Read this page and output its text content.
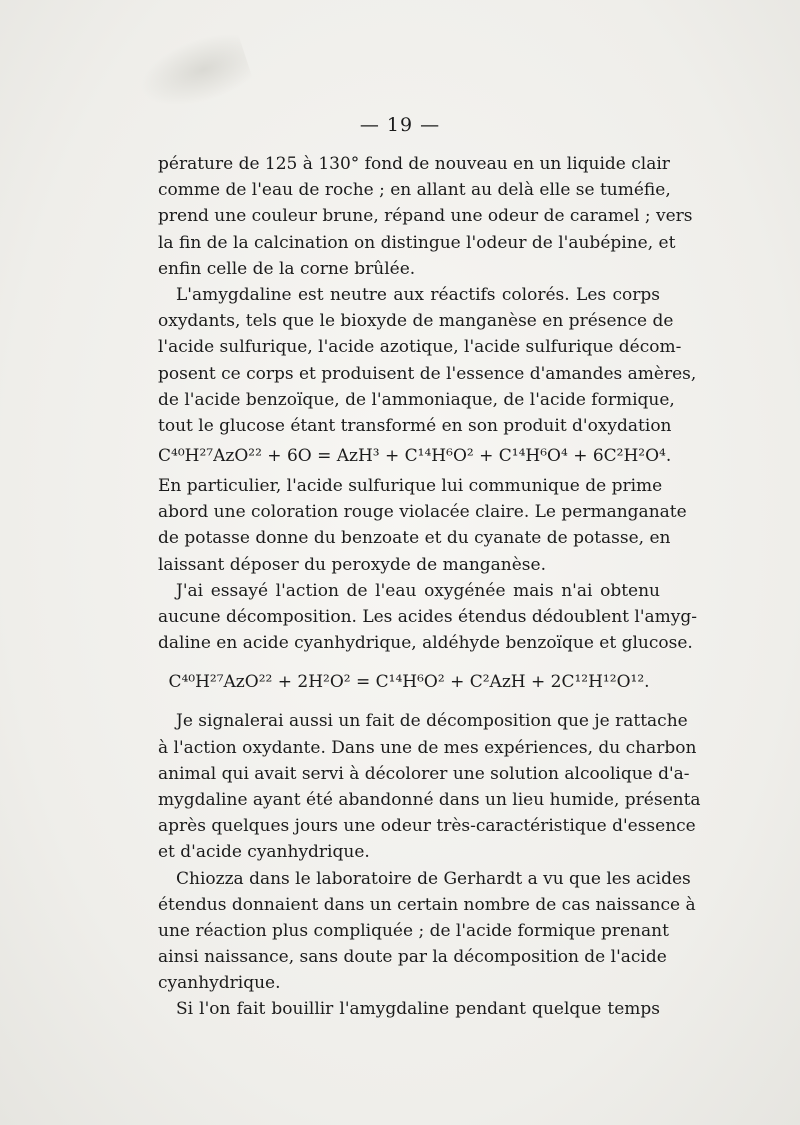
— 19 —
pérature de 125 à 130° fond de nouveau en un liquide clair
comme de l'eau de roche ; en allant au delà elle se tuméfie,
prend une couleur brune, répand une odeur de caramel ; vers
la fin de la calcination on distingue l'odeur de l'aubépine, et
enfin celle de la corne brûlée.
L'amygdaline est neutre aux réactifs colorés. Les corps
oxydants, tels que le bioxyde de manganèse en présence de
l'acide sulfurique, l'acide azotique, l'acide sulfurique décom-
posent ce corps et produisent de l'essence d'amandes amères,
de l'acide benzoïque, de l'ammoniaque, de l'acide formique,
tout le glucose étant transformé en son produit d'oxydation
C⁴⁰H²⁷AzO²² + 6O = AzH³ + C¹⁴H⁶O² + C¹⁴H⁶O⁴ + 6C²H²O⁴.
En particulier, l'acide sulfurique lui communique de prime
abord une coloration rouge violacée claire. Le permanganate
de potasse donne du benzoate et du cyanate de potasse, en
laissant déposer du peroxyde de manganèse.
J'ai essayé l'action de l'eau oxygénée mais n'ai obtenu
aucune décomposition. Les acides étendus dédoublent l'amyg-
daline en acide cyanhydrique, aldéhyde benzoïque et glucose.
C⁴⁰H²⁷AzO²² + 2H²O² = C¹⁴H⁶O² + C²AzH + 2C¹²H¹²O¹².
Je signalerai aussi un fait de décomposition que je rattache
à l'action oxydante. Dans une de mes expériences, du charbon
animal qui avait servi à décolorer une solution alcoolique d'a-
mygdaline ayant été abandonné dans un lieu humide, présenta
après quelques jours une odeur très-caractéristique d'essence
et d'acide cyanhydrique.
Chiozza dans le laboratoire de Gerhardt a vu que les acides
étendus donnaient dans un certain nombre de cas naissance à
une réaction plus compliquée ; de l'acide formique prenant
ainsi naissance, sans doute par la décomposition de l'acide
cyanhydrique.
Si l'on fait bouillir l'amygdaline pendant quelque temps
